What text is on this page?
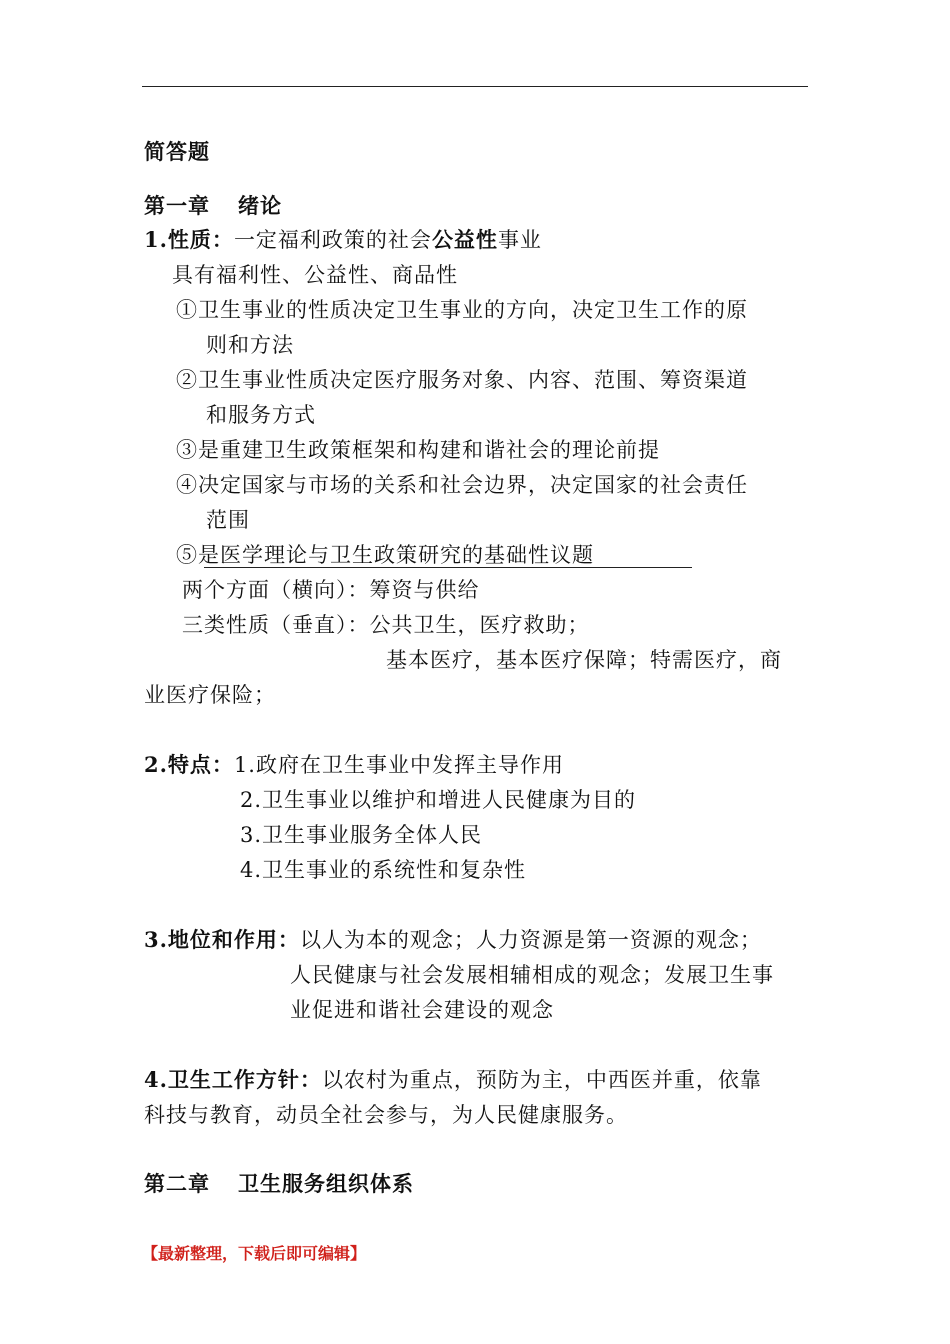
简答题
第一章 绪论
1.性质：一定福利政策的社会公益性事业
具有福利性、公益性、商品性
①卫生事业的性质决定卫生事业的方向，决定卫生工作的原
则和方法
②卫生事业性质决定医疗服务对象、内容、范围、筹资渠道
和服务方式
③是重建卫生政策框架和构建和谐社会的理论前提
④决定国家与市场的关系和社会边界，决定国家的社会责任
范围
⑤是医学理论与卫生政策研究的基础性议题
两个方面（横向）：筹资与供给
三类性质（垂直）：公共卫生，医疗救助；
基本医疗，基本医疗保障；特需医疗，商
业医疗保险；
2.特点：1.政府在卫生事业中发挥主导作用
2.卫生事业以维护和增进人民健康为目的
3.卫生事业服务全体人民
4.卫生事业的系统性和复杂性
3.地位和作用：以人为本的观念；人力资源是第一资源的观念；
人民健康与社会发展相辅相成的观念；发展卫生事
业促进和谐社会建设的观念
4.卫生工作方针：以农村为重点，预防为主，中西医并重，依靠
科技与教育，动员全社会参与，为人民健康服务。
第二章 卫生服务组织体系
【最新整理，下载后即可编辑】
